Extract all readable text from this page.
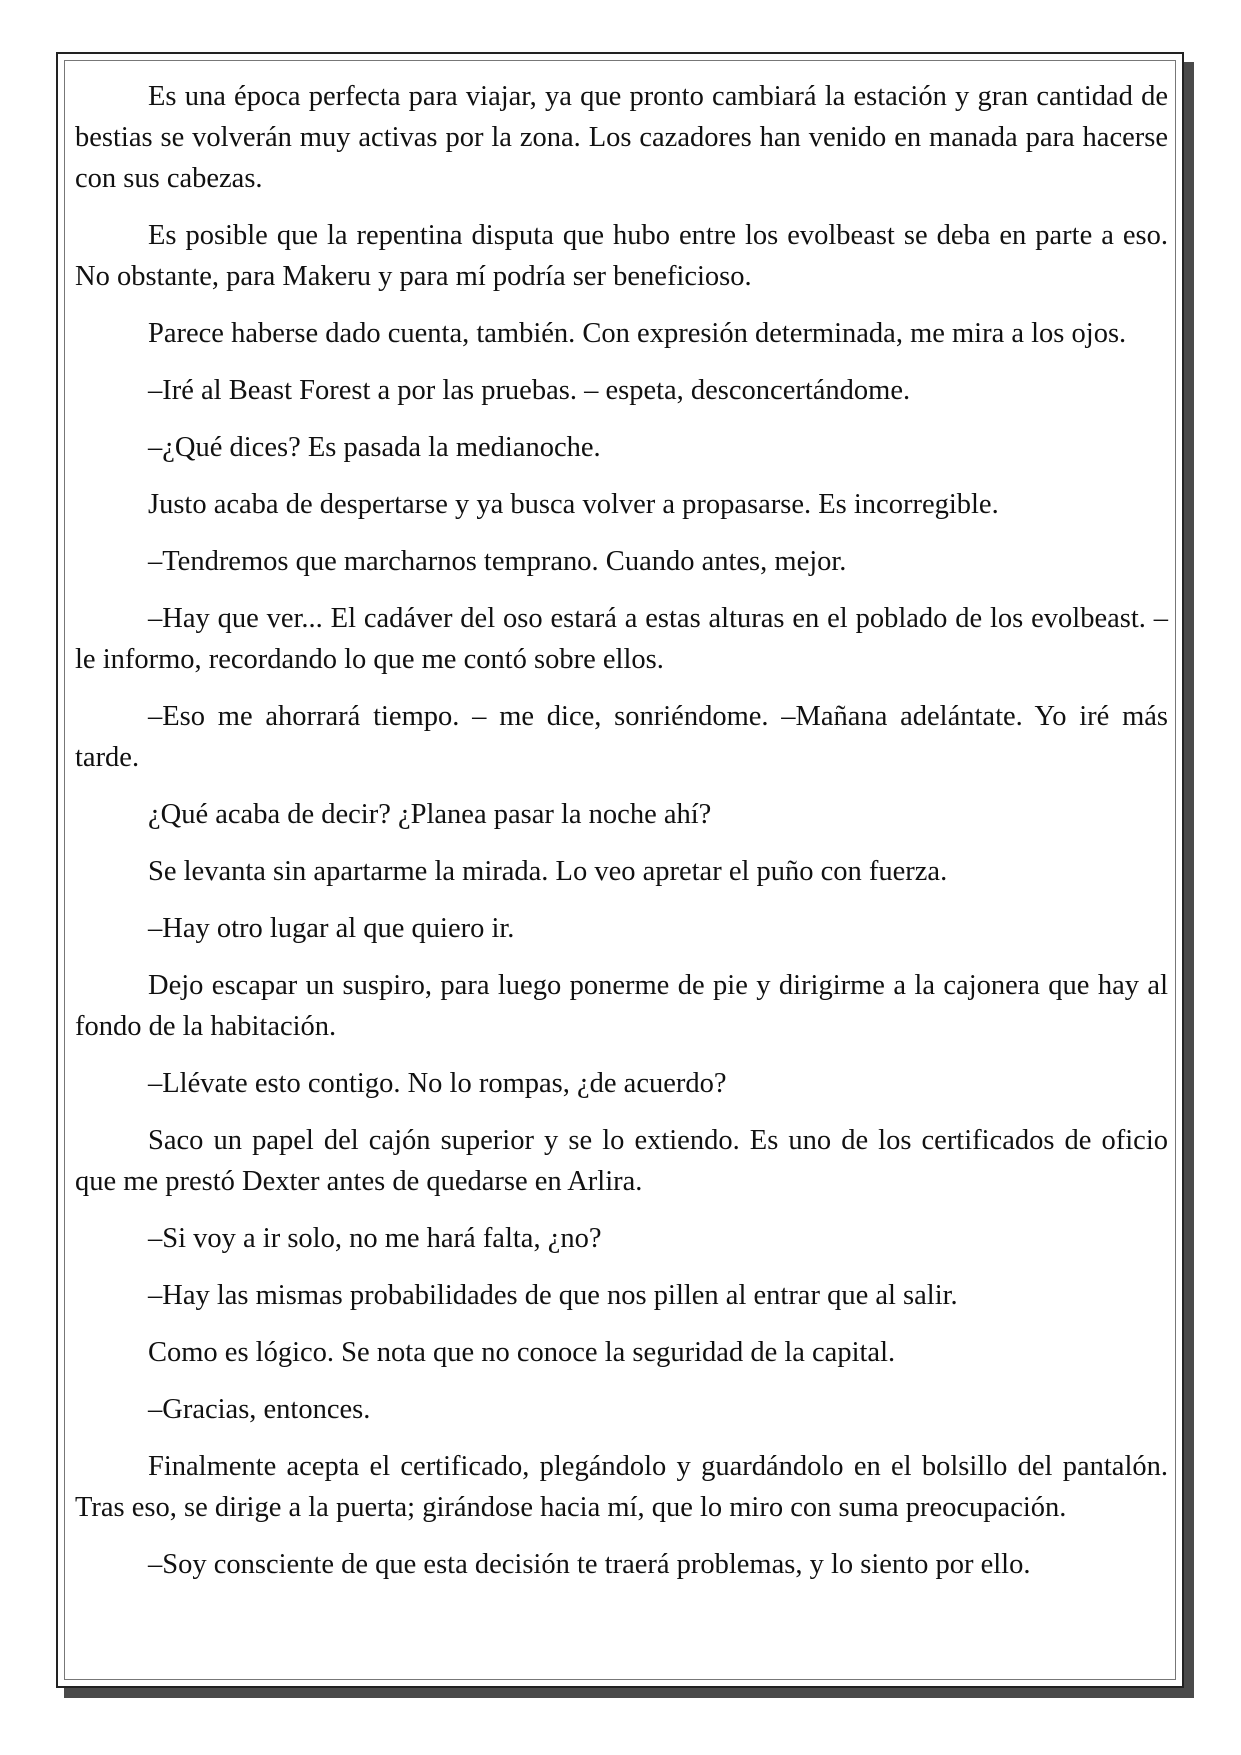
Es una época perfecta para viajar, ya que pronto cambiará la estación y gran cantidad de bestias se volverán muy activas por la zona. Los cazadores han venido en manada para hacerse con sus cabezas.

Es posible que la repentina disputa que hubo entre los evolbeast se deba en parte a eso. No obstante, para Makeru y para mí podría ser beneficioso.

Parece haberse dado cuenta, también. Con expresión determinada, me mira a los ojos.

–Iré al Beast Forest a por las pruebas. – espeta, desconcertándome.

–¿Qué dices? Es pasada la medianoche.

Justo acaba de despertarse y ya busca volver a propasarse. Es incorregible.

–Tendremos que marcharnos temprano. Cuando antes, mejor.

–Hay que ver... El cadáver del oso estará a estas alturas en el poblado de los evolbeast. – le informo, recordando lo que me contó sobre ellos.

–Eso me ahorrará tiempo. – me dice, sonriéndome. –Mañana adelántate. Yo iré más tarde.

¿Qué acaba de decir? ¿Planea pasar la noche ahí?

Se levanta sin apartarme la mirada. Lo veo apretar el puño con fuerza.

–Hay otro lugar al que quiero ir.

Dejo escapar un suspiro, para luego ponerme de pie y dirigirme a la cajonera que hay al fondo de la habitación.

–Llévate esto contigo. No lo rompas, ¿de acuerdo?

Saco un papel del cajón superior y se lo extiendo. Es uno de los certificados de oficio que me prestó Dexter antes de quedarse en Arlira.

–Si voy a ir solo, no me hará falta, ¿no?

–Hay las mismas probabilidades de que nos pillen al entrar que al salir.

Como es lógico. Se nota que no conoce la seguridad de la capital.

–Gracias, entonces.

Finalmente acepta el certificado, plegándolo y guardándolo en el bolsillo del pantalón. Tras eso, se dirige a la puerta; girándose hacia mí, que lo miro con suma preocupación.

–Soy consciente de que esta decisión te traerá problemas, y lo siento por ello.
